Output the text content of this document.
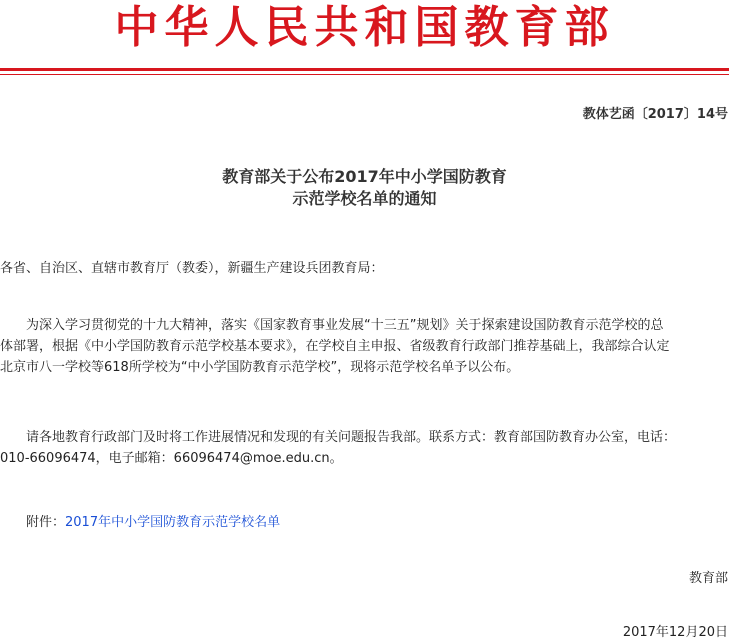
中华人民共和国教育部
教体艺函〔2017〕14号
教育部关于公布2017年中小学国防教育
示范学校名单的通知
各省、自治区、直辖市教育厅（教委），新疆生产建设兵团教育局：
为深入学习贯彻党的十九大精神，落实《国家教育事业发展“十三五”规划》关于探索建设国防教育示范学校的总
体部署，根据《中小学国防教育示范学校基本要求》，在学校自主申报、省级教育行政部门推荐基础上，我部综合认定
北京市八一学校等618所学校为“中小学国防教育示范学校”，现将示范学校名单予以公布。
请各地教育行政部门及时将工作进展情况和发现的有关问题报告我部。联系方式：教育部国防教育办公室，电话：
010-66096474，电子邮箱：66096474@moe.edu.cn。
附件：2017年中小学国防教育示范学校名单
教育部
2017年12月20日
